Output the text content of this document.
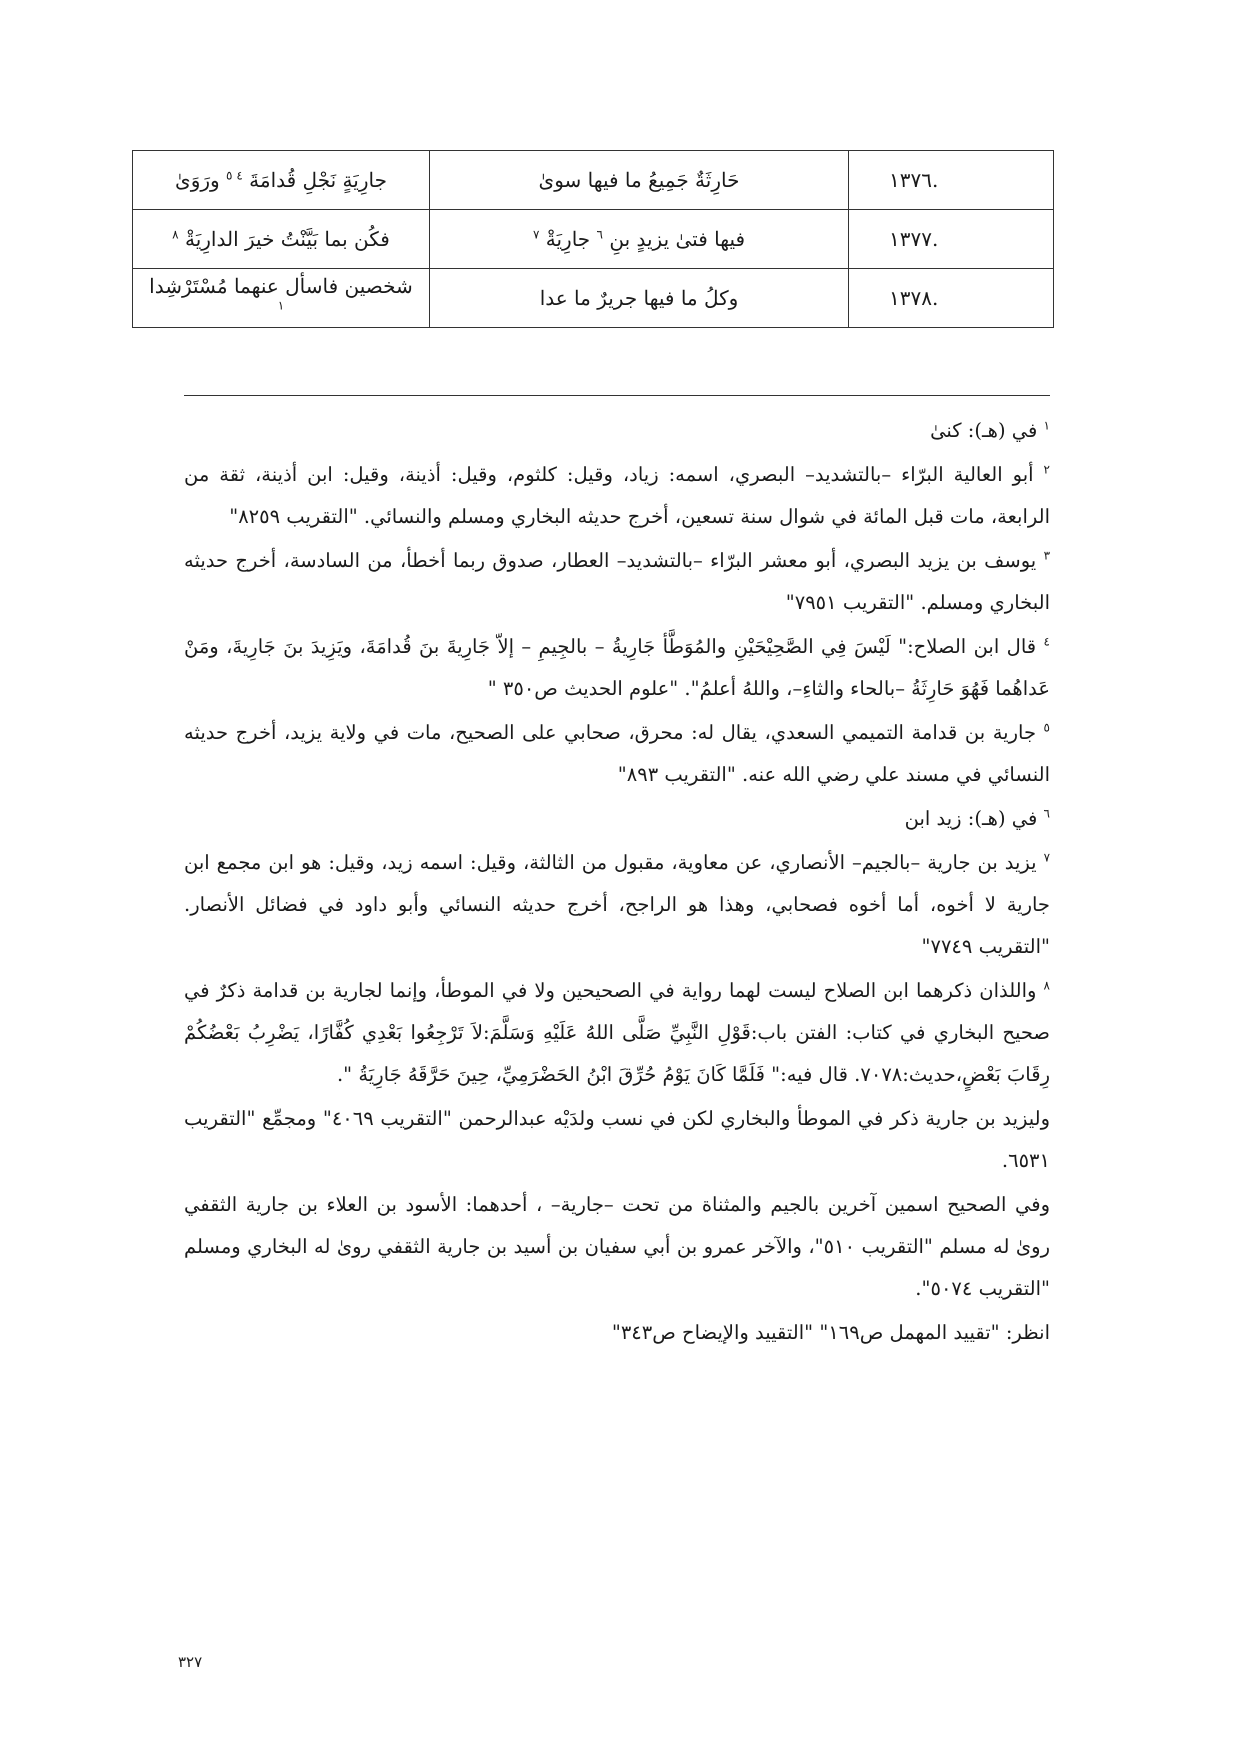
.١٣٧٦	حَارِثَةٌ جَمِيعُ ما فيها سوىٰ	جارِيَةٍ نَجْلِ قُدامَةَ $^{٤ ٥}$ ورَوَىٰ
.١٣٧٧	فيها فتىٰ يزيدٍ بنِ $^٦$ جارِيَةْ $^٧$	فكُن بما بَيَّنْتُ خيرَ الدارِيَةْ $^٨$
.١٣٧٨	وكلُ ما فيها جريرٌ ما عدا	شخصين فاسأل عنهما مُسْتَرْشِدا $^١$

$^١$ في (هـ): كنىٰ

$^٢$ أبو العالية البرّاء –بالتشديد– البصري، اسمه: زياد، وقيل: كلثوم، وقيل: أذينة، وقيل: ابن أذينة، ثقة من الرابعة، مات قبل المائة في شوال سنة تسعين، أخرج حديثه البخاري ومسلم والنسائي. "التقريب ٨٢٥٩"

$^٣$ يوسف بن يزيد البصري، أبو معشر البرّاء –بالتشديد– العطار، صدوق ربما أخطأ، من السادسة، أخرج حديثه البخاري ومسلم. "التقريب ٧٩٥١"

$^٤$ قال ابن الصلاح:" لَيْسَ فِي الصَّحِيْحَيْنِ والمُوَطَّأ جَارِيةُ – بالجِيمِ – إلاّ جَارِيةَ بنَ قُدامَةَ، ويَزِيدَ بنَ جَارِيةَ، ومَنْ عَداهُما فَهُوَ حَارِثَةُ –بالحاء والثاءِ–، واللهُ أعلمُ". "علوم الحديث ص٣٥٠ "

$^٥$ جارية بن قدامة التميمي السعدي، يقال له: محرق، صحابي على الصحيح، مات في ولاية يزيد، أخرج حديثه النسائي في مسند علي رضي الله عنه. "التقريب ٨٩٣"

$^٦$ في (هـ): زيد ابن

$^٧$ يزيد بن جارية –بالجيم– الأنصاري، عن معاوية، مقبول من الثالثة، وقيل: اسمه زيد، وقيل: هو ابن مجمع ابن جارية لا أخوه، أما أخوه فصحابي، وهذا هو الراجح، أخرج حديثه النسائي وأبو داود في فضائل الأنصار. "التقريب ٧٧٤٩"

$^٨$ واللذان ذكرهما ابن الصلاح ليست لهما رواية في الصحيحين ولا في الموطأ، وإنما لجارية بن قدامة ذكرٌ في صحيح البخاري في كتاب: الفتن باب:قَوْلِ النَّبِيِّ صَلَّى اللهُ عَلَيْهِ وَسَلَّمَ:لاَ تَرْجِعُوا بَعْدِي كُفَّارًا، يَضْرِبُ بَعْضُكُمْ رِقَابَ بَعْضٍ،حديث:٧٠٧٨. قال فيه:" فَلَمَّا كَانَ يَوْمُ حُرِّقَ ابْنُ الحَضْرَمِيِّ، حِينَ حَرَّقَهُ جَارِيَةُ ".

وليزيد بن جارية ذكر في الموطأ والبخاري لكن في نسب ولدَيْه عبدالرحمن "التقريب ٤٠٦٩" ومجمِّع "التقريب ٦٥٣١.

وفي الصحيح اسمين آخرين بالجيم والمثناة من تحت –جارية– ، أحدهما: الأسود بن العلاء بن جارية الثقفي روىٰ له مسلم "التقريب ٥١٠"، والآخر عمرو بن أبي سفيان بن أسيد بن جارية الثقفي روىٰ له البخاري ومسلم "التقريب ٥٠٧٤".

انظر: "تقييد المهمل ص١٦٩" "التقييد والإيضاح ص٣٤٣"

٣٢٧
